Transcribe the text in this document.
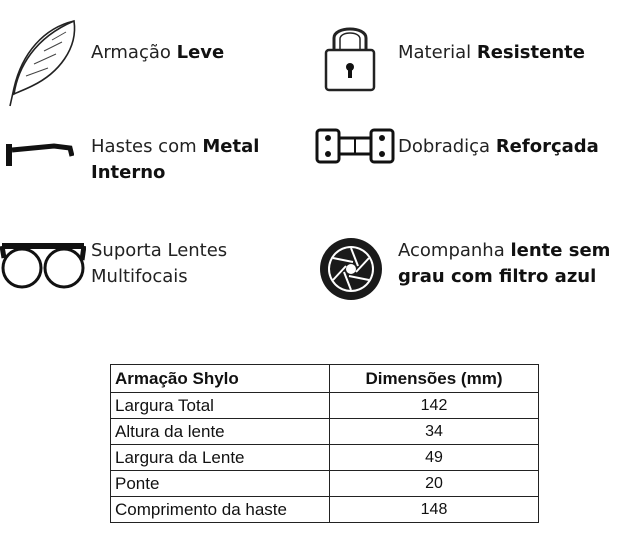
Armação Leve	Material Resistente
Hastes com Metal Interno
Dobradiça Reforçada
Suporta Lentes Multifocais
Acompanha lente sem grau com filtro azul
Armação Shylo	Dimensões (mm)
Largura Total	142
Altura da lente	34
Largura da Lente	49
Ponte	20
Comprimento da haste	148
